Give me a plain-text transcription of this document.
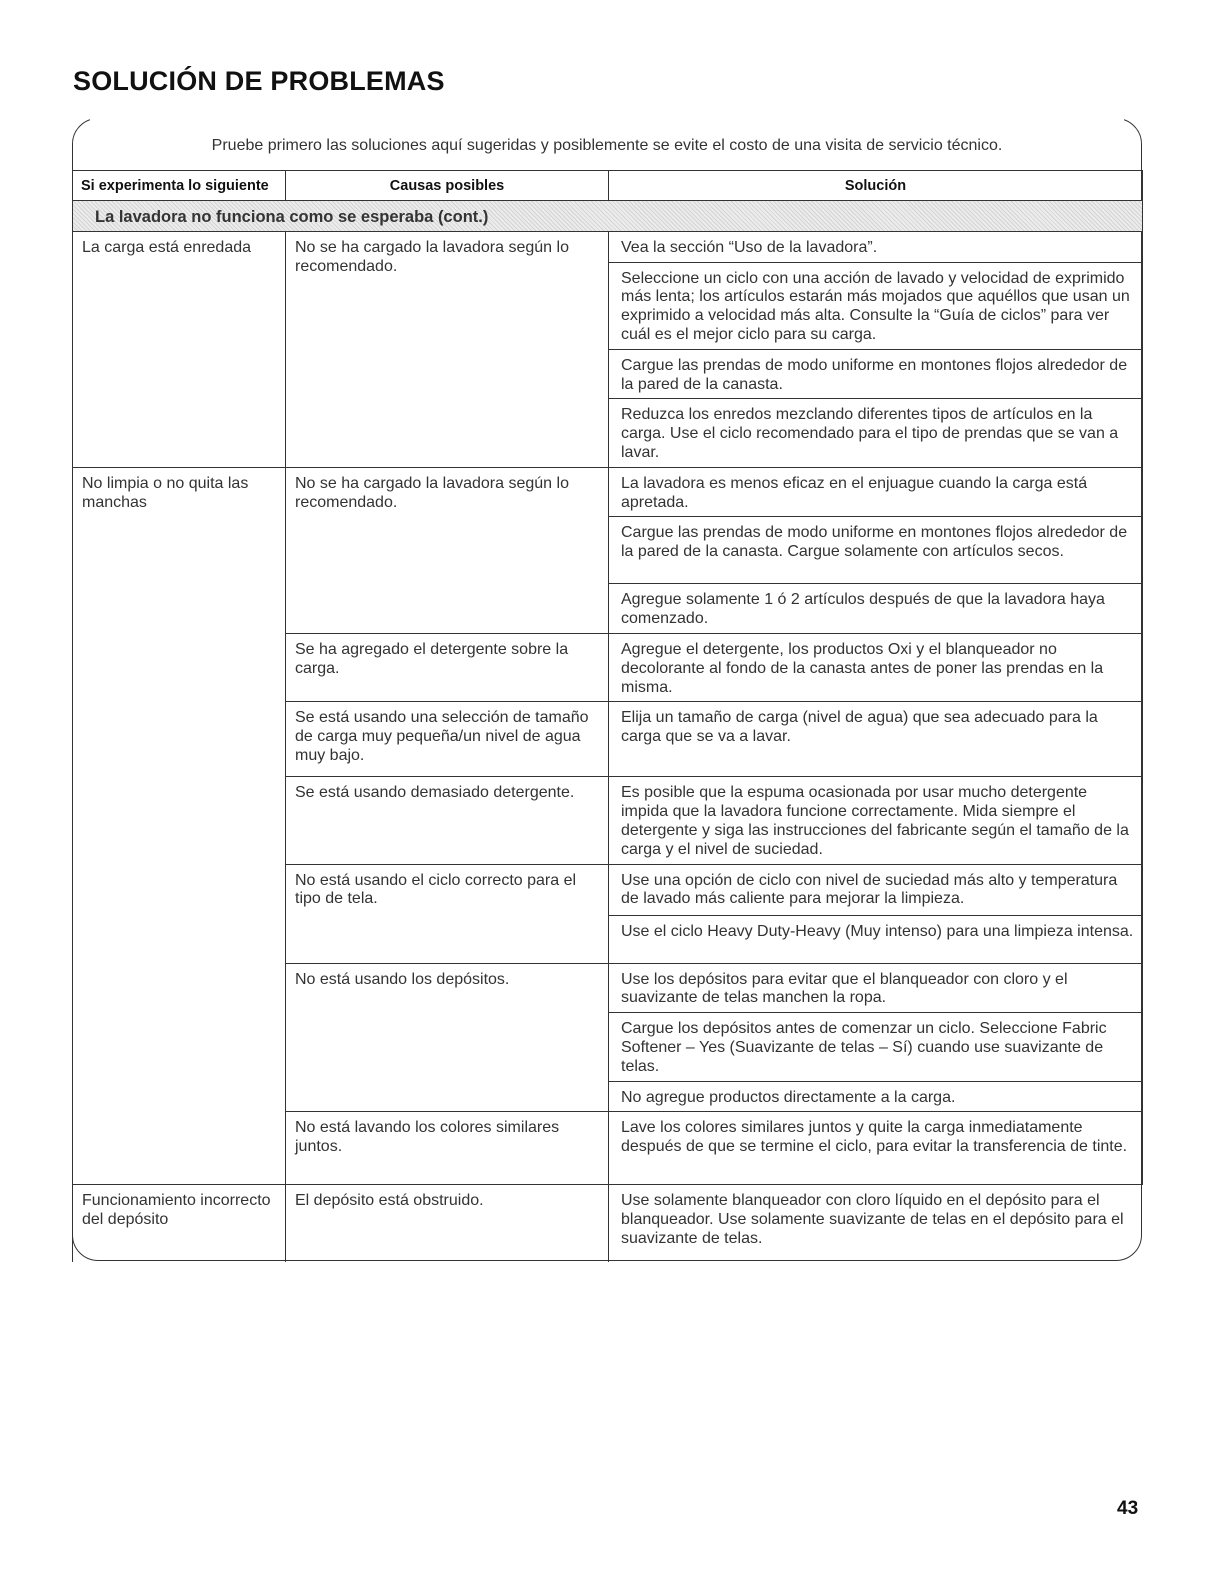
SOLUCIÓN DE PROBLEMAS
Pruebe primero las soluciones aquí sugeridas y posiblemente se evite el costo de una visita de servicio técnico.
Si experimenta lo siguiente	Causas posibles	Solución
La lavadora no funciona como se esperaba (cont.)		
La carga está enredada	No se ha cargado la lavadora según lo recomendado.	Vea la sección “Uso de la lavadora”.
		Seleccione un ciclo con una acción de lavado y velocidad de exprimido más lenta; los artículos estarán más mojados que aquéllos que usan un exprimido a velocidad más alta. Consulte la “Guía de ciclos” para ver cuál es el mejor ciclo para su carga.
		Cargue las prendas de modo uniforme en montones flojos alrededor de la pared de la canasta.
		Reduzca los enredos mezclando diferentes tipos de artículos en la carga. Use el ciclo recomendado para el tipo de prendas que se van a lavar.
No limpia o no quita las manchas	No se ha cargado la lavadora según lo recomendado.	La lavadora es menos eficaz en el enjuague cuando la carga está apretada.
		Cargue las prendas de modo uniforme en montones flojos alrededor de la pared de la canasta. Cargue solamente con artículos secos.
		Agregue solamente 1 ó 2 artículos después de que la lavadora haya comenzado.
	Se ha agregado el detergente sobre la carga.	Agregue el detergente, los productos Oxi y el blanqueador no decolorante al fondo de la canasta antes de poner las prendas en la misma.
	Se está usando una selección de tamaño de carga muy pequeña/un nivel de agua muy bajo.	Elija un tamaño de carga (nivel de agua) que sea adecuado para la carga que se va a lavar.
	Se está usando demasiado detergente.	Es posible que la espuma ocasionada por usar mucho detergente impida que la lavadora funcione correctamente. Mida siempre el detergente y siga las instrucciones del fabricante según el tamaño de la carga y el nivel de suciedad.
	No está usando el ciclo correcto para el tipo de tela.	Use una opción de ciclo con nivel de suciedad más alto y temperatura de lavado más caliente para mejorar la limpieza.
		Use el ciclo Heavy Duty-Heavy (Muy intenso) para una limpieza intensa.
	No está usando los depósitos.	Use los depósitos para evitar que el blanqueador con cloro y el suavizante de telas manchen la ropa.
		Cargue los depósitos antes de comenzar un ciclo. Seleccione Fabric Softener – Yes (Suavizante de telas – Sí) cuando use suavizante de telas.
		No agregue productos directamente a la carga.
	No está lavando los colores similares juntos.	Lave los colores similares juntos y quite la carga inmediatamente después de que se termine el ciclo, para evitar la transferencia de tinte.
Funcionamiento incorrecto del depósito	El depósito está obstruido.	Use solamente blanqueador con cloro líquido en el depósito para el blanqueador. Use solamente suavizante de telas en el depósito para el suavizante de telas.
43
